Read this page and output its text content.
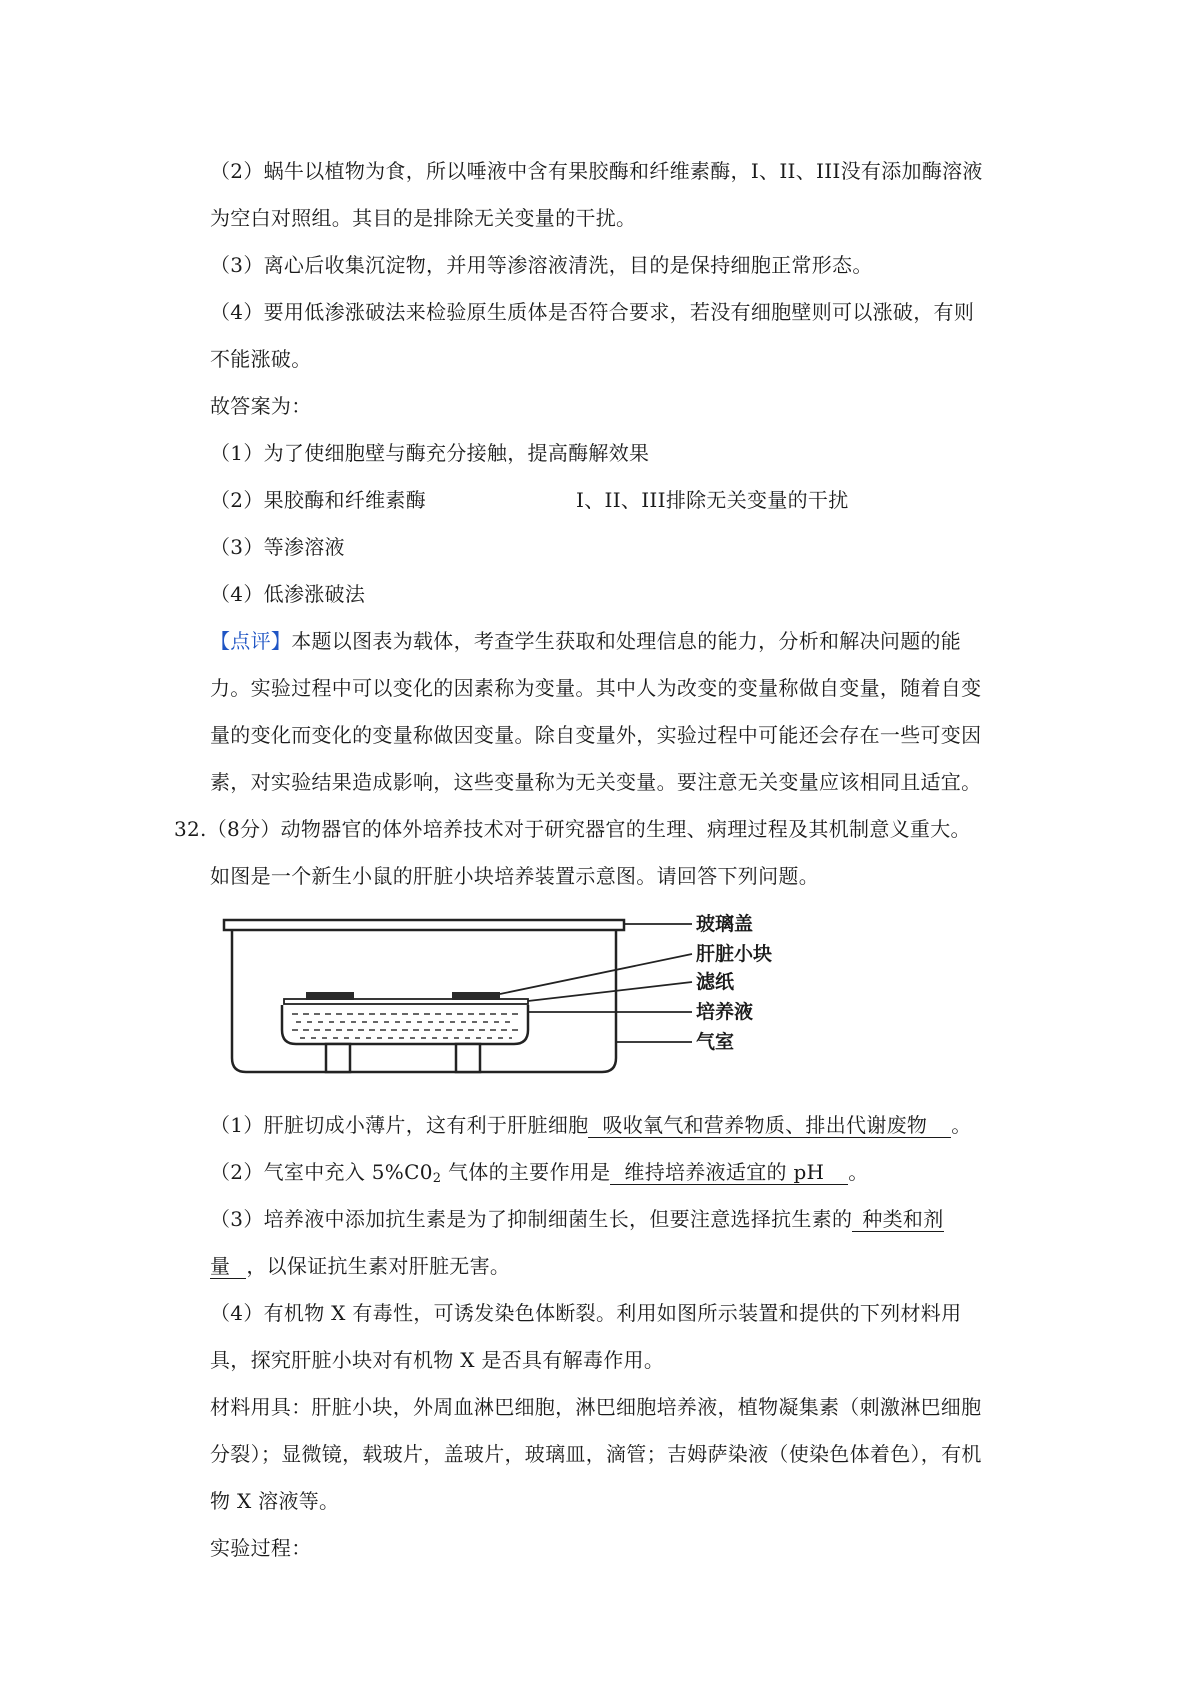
（2）蜗牛以植物为食，所以唾液中含有果胶酶和纤维素酶，I、II、III没有添加酶溶液
为空白对照组。其目的是排除无关变量的干扰。
（3）离心后收集沉淀物，并用等渗溶液清洗，目的是保持细胞正常形态。
（4）要用低渗涨破法来检验原生质体是否符合要求，若没有细胞壁则可以涨破，有则
不能涨破。
故答案为：
（1）为了使细胞壁与酶充分接触，提高酶解效果
（2）果胶酶和纤维素酶	I、II、III排除无关变量的干扰
（3）等渗溶液
（4）低渗涨破法
【点评】本题以图表为载体，考查学生获取和处理信息的能力，分析和解决问题的能
力。实验过程中可以变化的因素称为变量。其中人为改变的变量称做自变量，随着自变
量的变化而变化的变量称做因变量。除自变量外，实验过程中可能还会存在一些可变因
素，对实验结果造成影响，这些变量称为无关变量。要注意无关变量应该相同且适宜。
32.（8分）动物器官的体外培养技术对于研究器官的生理、病理过程及其机制意义重大。
如图是一个新生小鼠的肝脏小块培养装置示意图。请回答下列问题。
玻璃盖
肝脏小块
滤纸
培养液
气室
（1）肝脏切成小薄片，这有利于肝脏细胞 吸收氧气和营养物质、排出代谢废物 。
（2）气室中充入 $5\%C0_2$ 气体的主要作用是 维持培养液适宜的 pH 。
（3）培养液中添加抗生素是为了抑制细菌生长，但要注意选择抗生素的 种类和剂
量 ，以保证抗生素对肝脏无害。
（4）有机物 X 有毒性，可诱发染色体断裂。利用如图所示装置和提供的下列材料用
具，探究肝脏小块对有机物 X 是否具有解毒作用。
材料用具：肝脏小块，外周血淋巴细胞，淋巴细胞培养液，植物凝集素（刺激淋巴细胞
分裂）；显微镜，载玻片，盖玻片，玻璃皿，滴管；吉姆萨染液（使染色体着色），有机
物 X 溶液等。
实验过程：
